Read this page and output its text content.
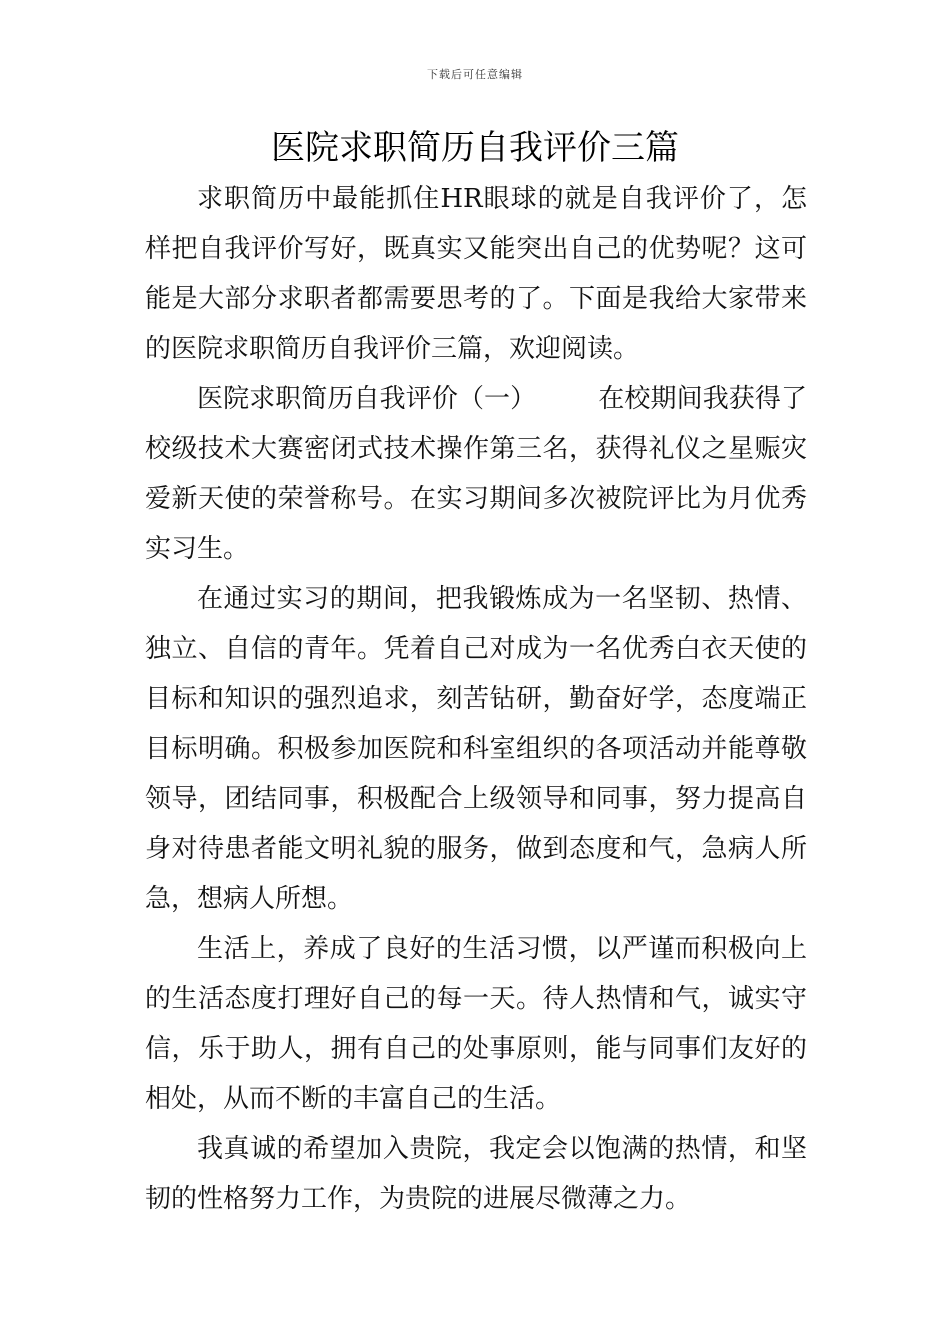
下载后可任意编辑
医院求职简历自我评价三篇

求职简历中最能抓住HR眼球的就是自我评价了，怎样把自我评价写好，既真实又能突出自己的优势呢？这可能是大部分求职者都需要思考的了。下面是我给大家带来的医院求职简历自我评价三篇，欢迎阅读。

医院求职简历自我评价（一） 在校期间我获得了校级技术大赛密闭式技术操作第三名，获得礼仪之星赈灾爱新天使的荣誉称号。在实习期间多次被院评比为月优秀实习生。

在通过实习的期间，把我锻炼成为一名坚韧、热情、独立、自信的青年。凭着自己对成为一名优秀白衣天使的目标和知识的强烈追求，刻苦钻研，勤奋好学，态度端正目标明确。积极参加医院和科室组织的各项活动并能尊敬领导，团结同事，积极配合上级领导和同事，努力提高自身对待患者能文明礼貌的服务，做到态度和气，急病人所急，想病人所想。

生活上，养成了良好的生活习惯，以严谨而积极向上的生活态度打理好自己的每一天。待人热情和气，诚实守信，乐于助人，拥有自己的处事原则，能与同事们友好的相处，从而不断的丰富自己的生活。

我真诚的希望加入贵院，我定会以饱满的热情，和坚韧的性格努力工作，为贵院的进展尽微薄之力。
